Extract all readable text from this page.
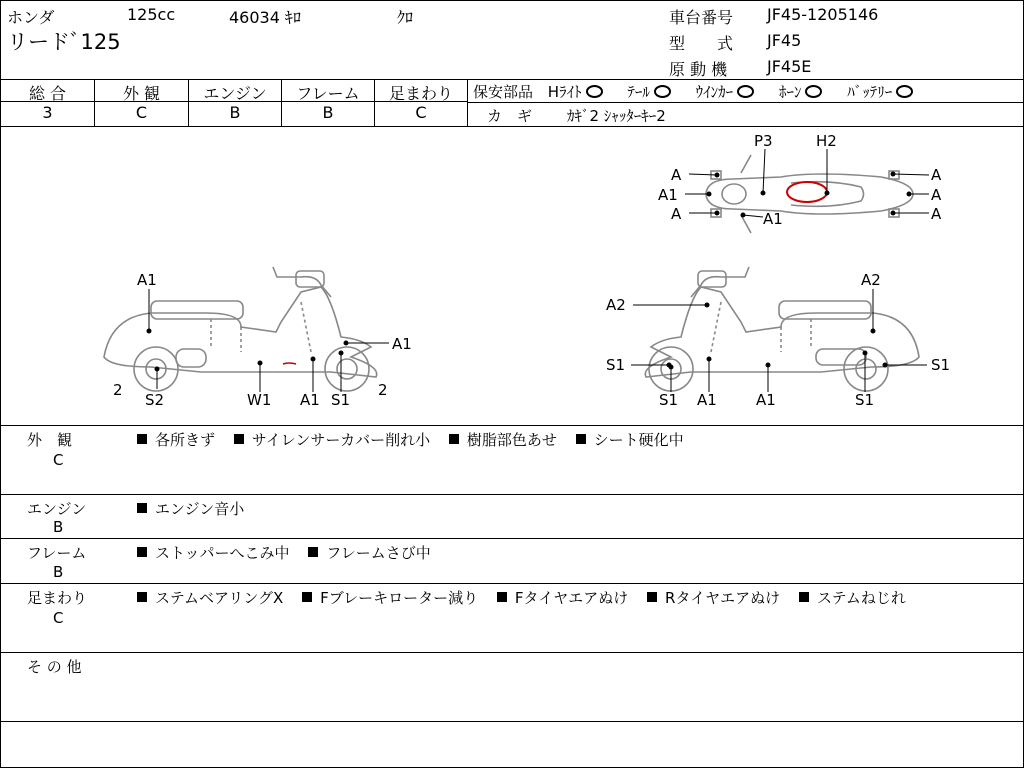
ホンダ	125cc	46034 ｷﾛ	ｸﾛ
リードﾞ125
車台番号 JF45-1205146
型　　式 JF45
原 動 機 JF45E
総 合	外 観	エンジン	フレーム	足まわり
3	C	B	B	C
保安部品 Hﾗｲﾄ	ﾃｰﾙ	ｳｲﾝｶｰ	ﾎｰﾝ	ﾊﾞｯﾃﾘｰ
カ　ギ ｶｷﾞ2 ｼｬｯﾀｰｷｰ2
A
A1
A
P3	H2
A1
A
A
A
A1
A1
2
S2	W1 A1 S1
2
A2
A2
S1	S1
S1 A1	A1	S1
外　観
C
各所きず サイレンサーカバー削れ小 樹脂部色あせ シート硬化中
エンジン
B
エンジン音小
フレーム
B
ストッパーへこみ中 フレームさび中
足まわり
C
ステムベアリングX Fブレーキローター減り Fタイヤエアぬけ Rタイヤエアぬけ ステムねじれ
そ の 他
